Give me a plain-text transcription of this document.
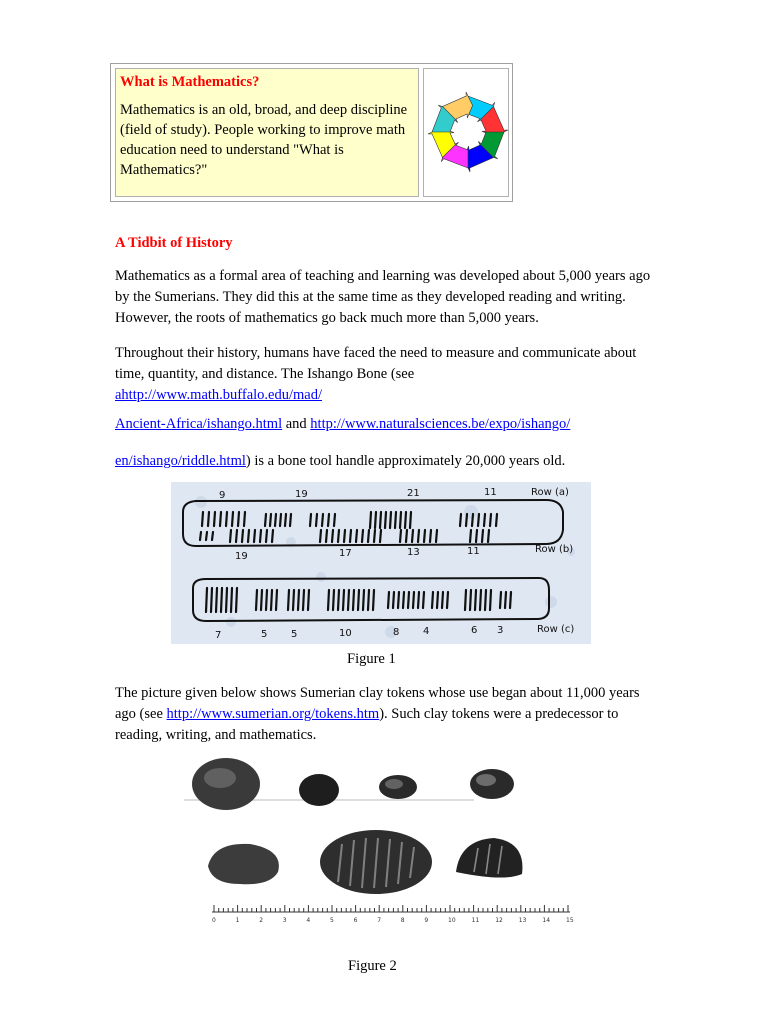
What is Mathematics?
Mathematics is an old, broad, and deep discipline (field of study). People working to improve math education need to understand "What is Mathematics?"
A Tidbit of History
Mathematics as a formal area of teaching and learning was developed about 5,000 years ago by the Sumerians. They did this at the same time as they developed reading and writing. However, the roots of mathematics go back much more than 5,000 years.
Throughout their history, humans have faced the need to measure and communicate about time, quantity, and distance. The Ishango Bone (see
ahttp://www.math.buffalo.edu/mad/
Ancient-Africa/ishango.html and http://www.naturalsciences.be/expo/ishango/
en/ishango/riddle.html) is a bone tool handle approximately 20,000 years old.
9	19	21	11	Row (a)
19	17	13	11	Row (b)
7	5 5	10	8 4	6 3	Row (c)
Figure 1
The picture given below shows Sumerian clay tokens whose use began about 11,000 years ago (see http://www.sumerian.org/tokens.htm). Such clay tokens were a predecessor to reading, writing, and mathematics.
0	1	2	3	4	5	6	7	8	9	10	11	12	13	14	15
Figure 2
